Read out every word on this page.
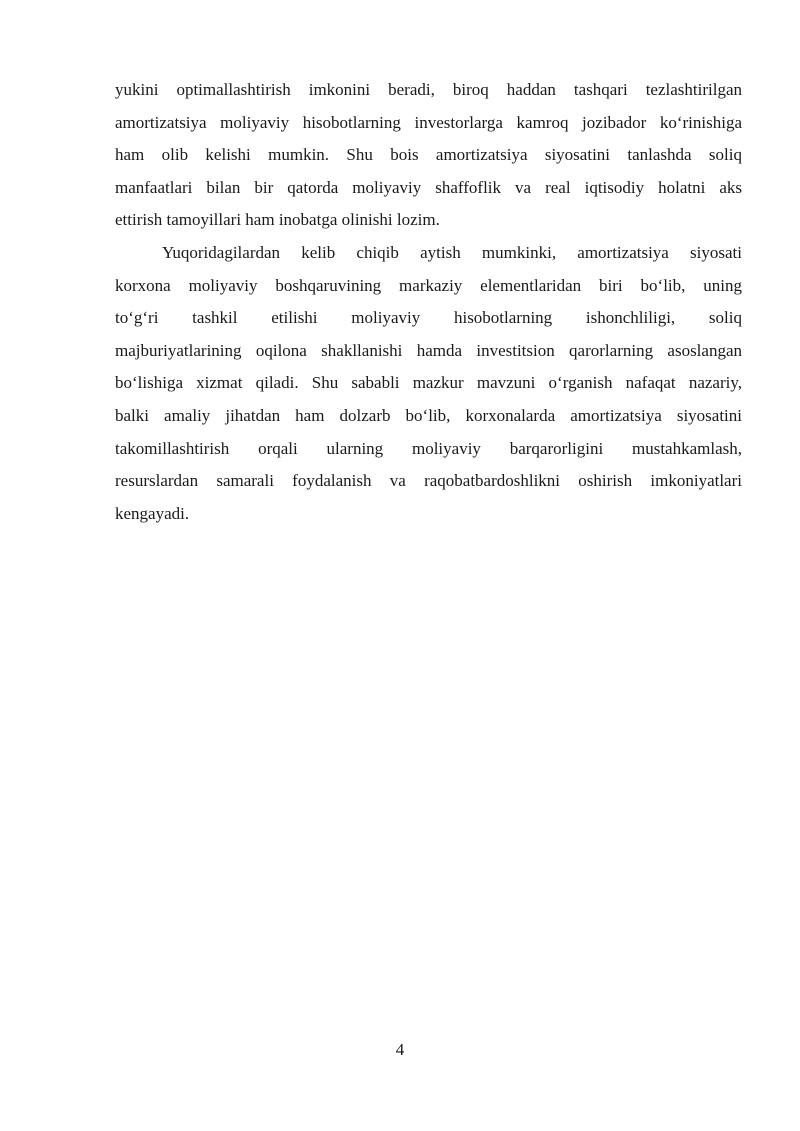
yukini optimallashtirish imkonini beradi, biroq haddan tashqari tezlashtirilgan
amortizatsiya moliyaviy hisobotlarning investorlarga kamroq jozibador ko‘rinishiga
ham olib kelishi mumkin. Shu bois amortizatsiya siyosatini tanlashda soliq
manfaatlari bilan bir qatorda moliyaviy shaffoflik va real iqtisodiy holatni aks
ettirish tamoyillari ham inobatga olinishi lozim.
Yuqoridagilardan kelib chiqib aytish mumkinki, amortizatsiya siyosati
korxona moliyaviy boshqaruvining markaziy elementlaridan biri bo‘lib, uning
to‘g‘ri tashkil etilishi moliyaviy hisobotlarning ishonchliligi, soliq
majburiyatlarining oqilona shakllanishi hamda investitsion qarorlarning asoslangan
bo‘lishiga xizmat qiladi. Shu sababli mazkur mavzuni o‘rganish nafaqat nazariy,
balki amaliy jihatdan ham dolzarb bo‘lib, korxonalarda amortizatsiya siyosatini
takomillashtirish orqali ularning moliyaviy barqarorligini mustahkamlash,
resurslardan samarali foydalanish va raqobatbardoshlikni oshirish imkoniyatlari
kengayadi.
4
